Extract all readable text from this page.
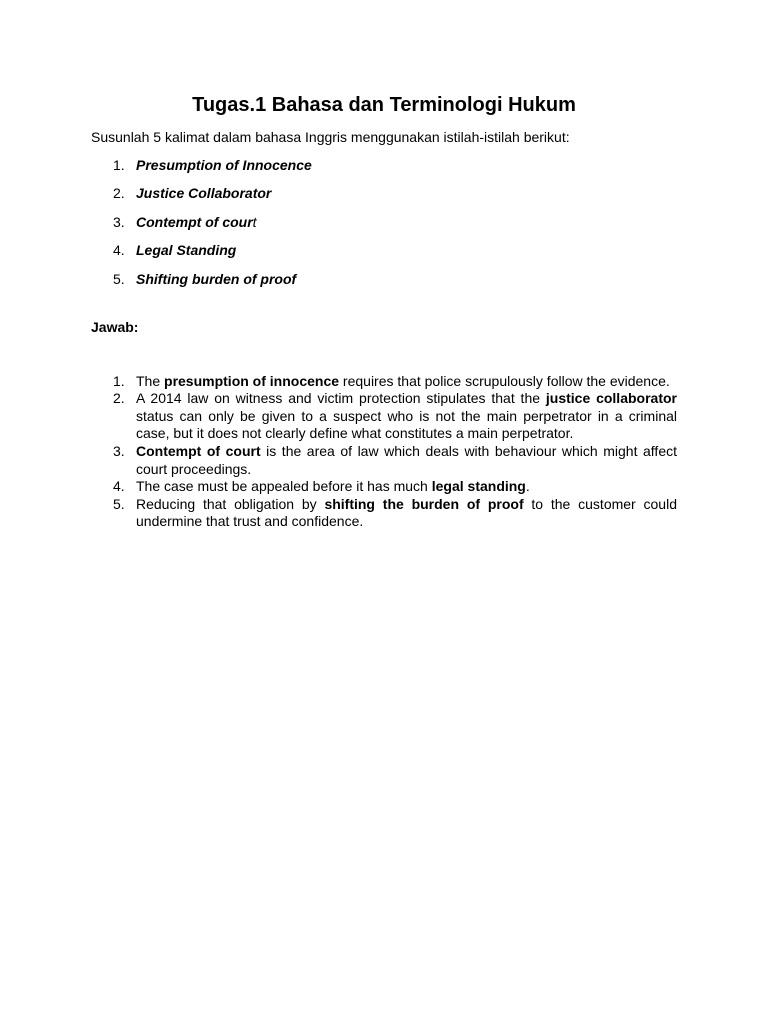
Tugas.1 Bahasa dan Terminologi Hukum

Susunlah 5 kalimat dalam bahasa Inggris menggunakan istilah-istilah berikut:

1. Presumption of Innocence
2. Justice Collaborator
3. Contempt of cour t
4. Legal Standing
5. Shifting burden of proof

Jawab:

1. The presumption of innocence requires that police scrupulously follow the evidence.
2. A 2014 law on witness and victim protection stipulates that the justice collaborator status can only be given to a suspect who is not the main perpetrator in a criminal case, but it does not clearly define what constitutes a main perpetrator.
3. Contempt of court is the area of law which deals with behaviour which might affect court proceedings.
4. The case must be appealed before it has much legal standing.
5. Reducing that obligation by shifting the burden of proof to the customer could undermine that trust and confidence.
